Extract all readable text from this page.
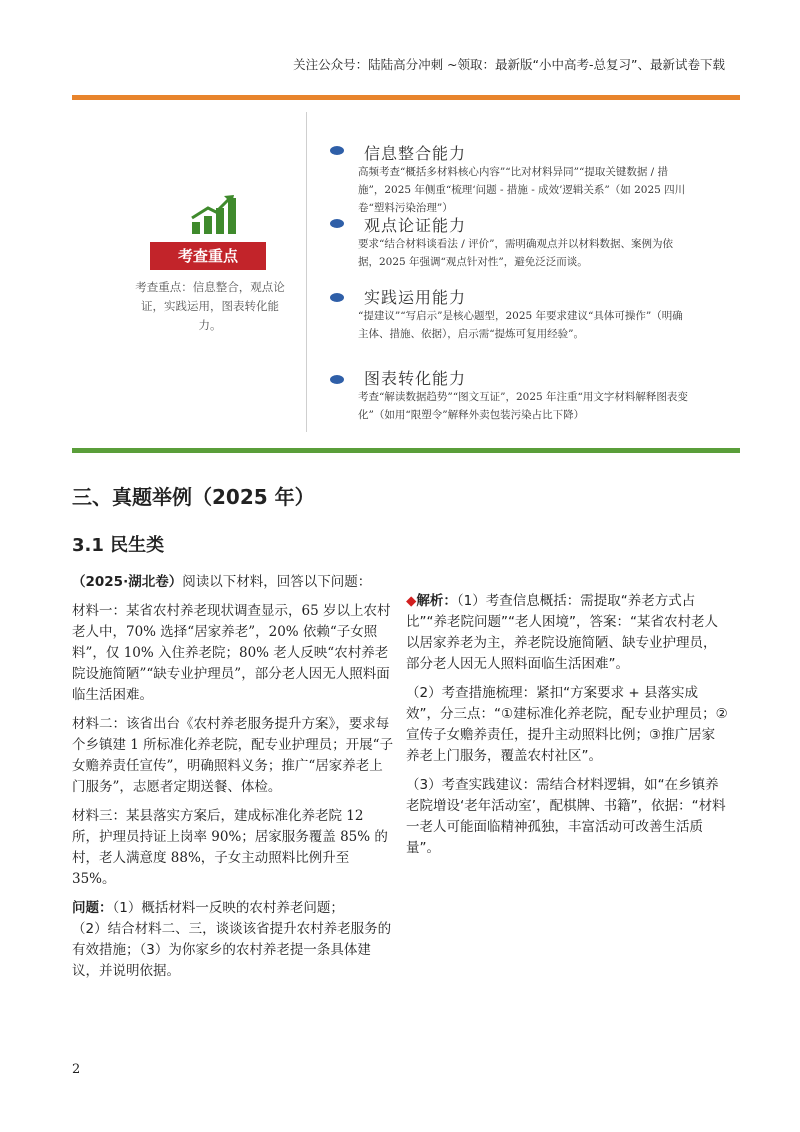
关注公众号：陆陆高分冲刺 ~领取：最新版“小中高考-总复习”、最新试卷下载
考查重点
考查重点：信息整合，观点论证，实践运用，图表转化能力。
信息整合能力
高频考查“概括多材料核心内容”“比对材料异同”“提取关键数据 / 措施”，2025 年侧重“梳理‘问题 - 措施 - 成效’逻辑关系”（如 2025 四川卷“塑料污染治理”）
观点论证能力
要求“结合材料谈看法 / 评价”，需明确观点并以材料数据、案例为依据，2025 年强调“观点针对性”，避免泛泛而谈。
实践运用能力
“提建议”“写启示”是核心题型，2025 年要求建议“具体可操作”（明确主体、措施、依据），启示需“提炼可复用经验”。
图表转化能力
考查“解读数据趋势”“图文互证”，2025 年注重“用文字材料解释图表变化”（如用“限塑令”解释外卖包装污染占比下降）
三、真题举例（2025 年）
3.1 民生类

（2025·湖北卷）阅读以下材料，回答以下问题：

材料一：某省农村养老现状调查显示，65 岁以上农村老人中，70% 选择“居家养老”，20% 依赖“子女照料”，仅 10% 入住养老院；80% 老人反映“农村养老院设施简陋”“缺专业护理员”，部分老人因无人照料面临生活困难。

材料二：该省出台《农村养老服务提升方案》，要求每个乡镇建 1 所标准化养老院，配专业护理员；开展“子女赡养责任宣传”，明确照料义务；推广“居家养老上门服务”，志愿者定期送餐、体检。

材料三：某县落实方案后，建成标准化养老院 12 所，护理员持证上岗率 90%；居家服务覆盖 85% 的村，老人满意度 88%，子女主动照料比例升至 35%。

问题：（1）概括材料一反映的农村养老问题；
（2）结合材料二、三，谈谈该省提升农村养老服务的有效措施；（3）为你家乡的农村养老提一条具体建议，并说明依据。

◆解析：（1）考查信息概括：需提取“养老方式占比”“养老院问题”“老人困境”，答案：“某省农村老人以居家养老为主，养老院设施简陋、缺专业护理员，部分老人因无人照料面临生活困难”。

（2）考查措施梳理：紧扣“方案要求 + 县落实成效”，分三点：“①建标准化养老院，配专业护理员；②宣传子女赡养责任，提升主动照料比例；③推广居家养老上门服务，覆盖农村社区”。

（3）考查实践建议：需结合材料逻辑，如“在乡镇养老院增设‘老年活动室’，配棋牌、书籍”，依据：“材料一老人可能面临精神孤独，丰富活动可改善生活质量”。

2
